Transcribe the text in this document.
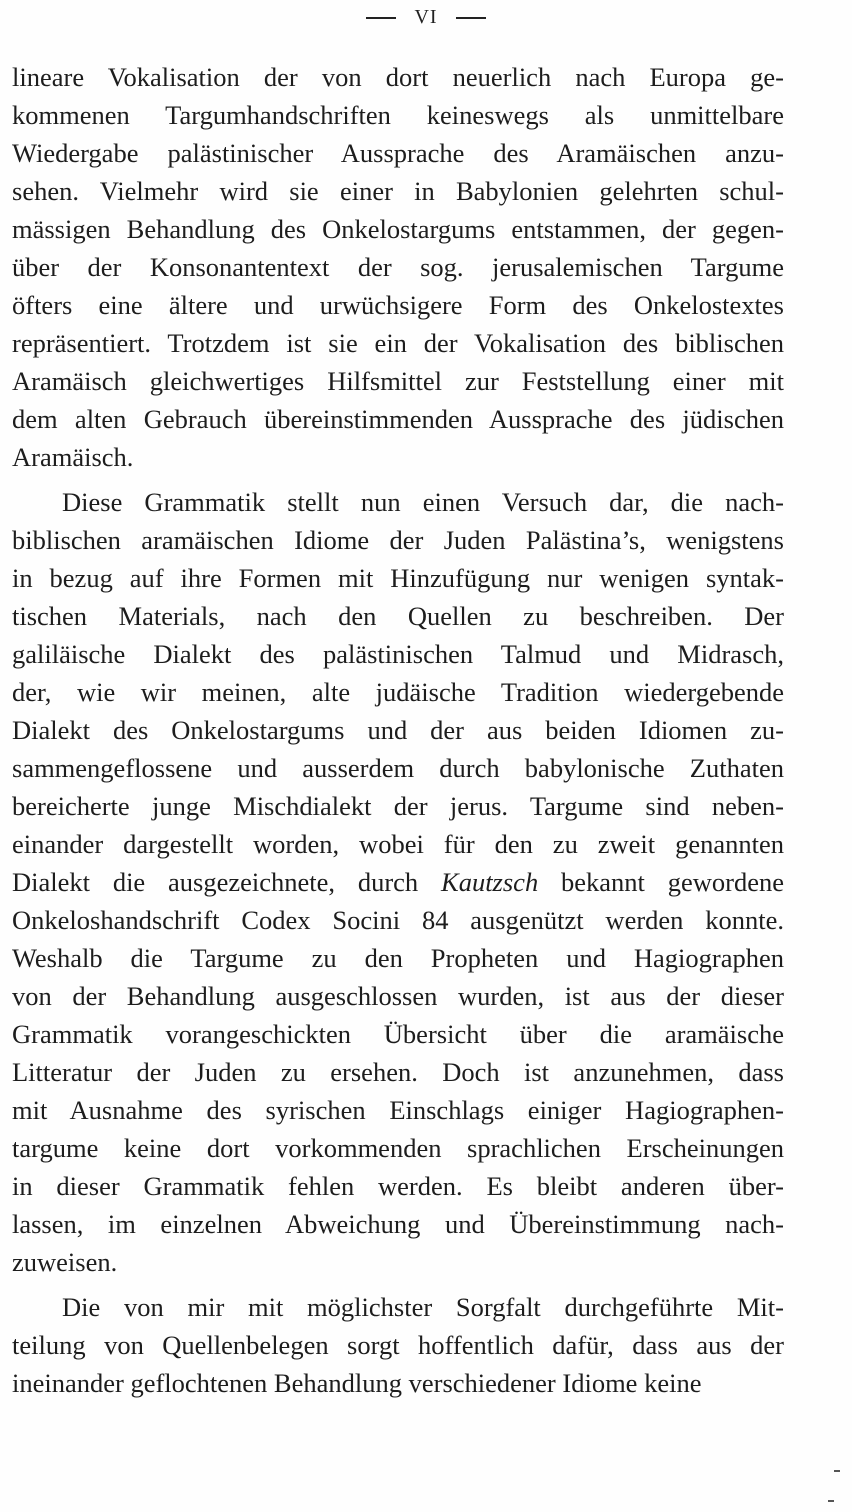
VI
lineare Vokalisation der von dort neuerlich nach Europa ge-
kommenen Targumhandschriften keineswegs als unmittelbare
Wiedergabe palästinischer Aussprache des Aramäischen anzu-
sehen. Vielmehr wird sie einer in Babylonien gelehrten schul-
mässigen Behandlung des Onkelostargums entstammen, der gegen-
über der Konsonantentext der sog. jerusalemischen Targume
öfters eine ältere und urwüchsigere Form des Onkelostextes
repräsentiert. Trotzdem ist sie ein der Vokalisation des biblischen
Aramäisch gleichwertiges Hilfsmittel zur Feststellung einer mit
dem alten Gebrauch übereinstimmenden Aussprache des jüdischen
Aramäisch.
Diese Grammatik stellt nun einen Versuch dar, die nach-
biblischen aramäischen Idiome der Juden Palästina’s, wenigstens
in bezug auf ihre Formen mit Hinzufügung nur wenigen syntak-
tischen Materials, nach den Quellen zu beschreiben. Der
galiläische Dialekt des palästinischen Talmud und Midrasch,
der, wie wir meinen, alte judäische Tradition wiedergebende
Dialekt des Onkelostargums und der aus beiden Idiomen zu-
sammengeflossene und ausserdem durch babylonische Zuthaten
bereicherte junge Mischdialekt der jerus. Targume sind neben-
einander dargestellt worden, wobei für den zu zweit genannten
Dialekt die ausgezeichnete, durch Kautzsch bekannt gewordene
Onkeloshandschrift Codex Socini 84 ausgenützt werden konnte.
Weshalb die Targume zu den Propheten und Hagiographen
von der Behandlung ausgeschlossen wurden, ist aus der dieser
Grammatik vorangeschickten Übersicht über die aramäische
Litteratur der Juden zu ersehen. Doch ist anzunehmen, dass
mit Ausnahme des syrischen Einschlags einiger Hagiographen-
targume keine dort vorkommenden sprachlichen Erscheinungen
in dieser Grammatik fehlen werden. Es bleibt anderen über-
lassen, im einzelnen Abweichung und Übereinstimmung nach-
zuweisen.
Die von mir mit möglichster Sorgfalt durchgeführte Mit-
teilung von Quellenbelegen sorgt hoffentlich dafür, dass aus der
ineinander geflochtenen Behandlung verschiedener Idiome keine
